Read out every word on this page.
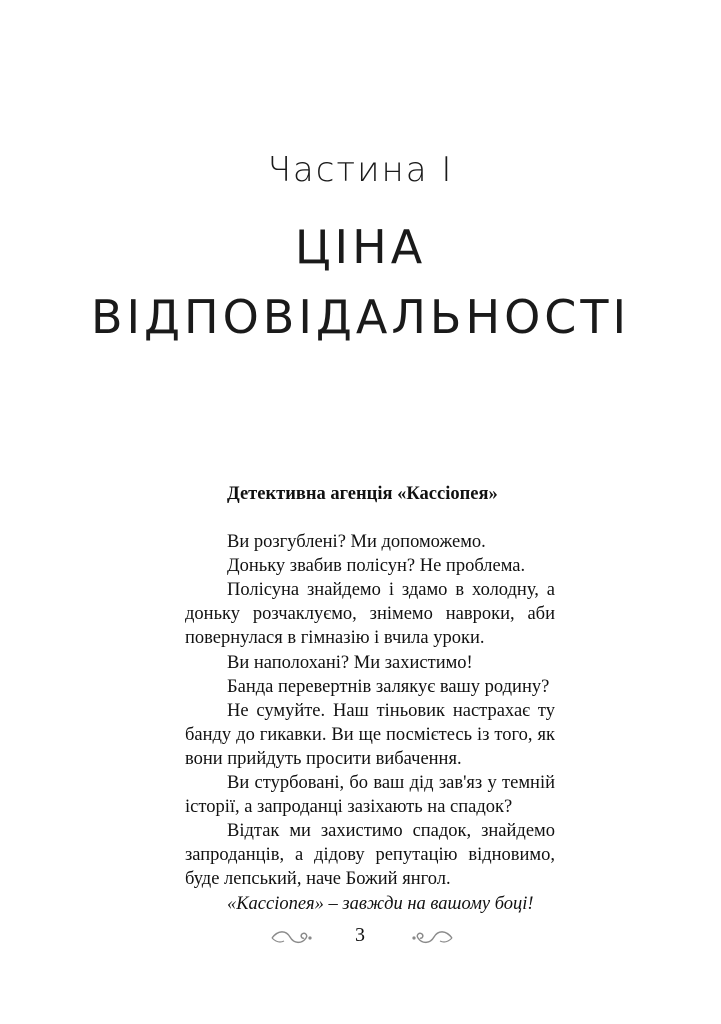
Частина I
ЦІНА
ВІДПОВІДАЛЬНОСТІ

Детективна агенція «Кассіопея»

Ви розгублені? Ми допоможемо.

Доньку звабив полісун? Не проблема.

Полісуна знайдемо і здамо в холодну, а доньку розчаклуємо, знімемо навроки, аби повернулася в гімназію і вчила уроки.

Ви наполохані? Ми захистимо!

Банда перевертнів залякує вашу родину?

Не сумуйте. Наш тіньовик настрахає ту банду до гикавки. Ви ще посмієтесь із того, як вони прийдуть просити вибачення.

Ви стурбовані, бо ваш дід зав'яз у темній історії, а запроданці зазіхають на спадок?

Відтак ми захистимо спадок, знайдемо запроданців, а дідову репутацію відновимо, буде лепський, наче Божий янгол.

«Кассіопея» – завжди на вашому боці!

3
